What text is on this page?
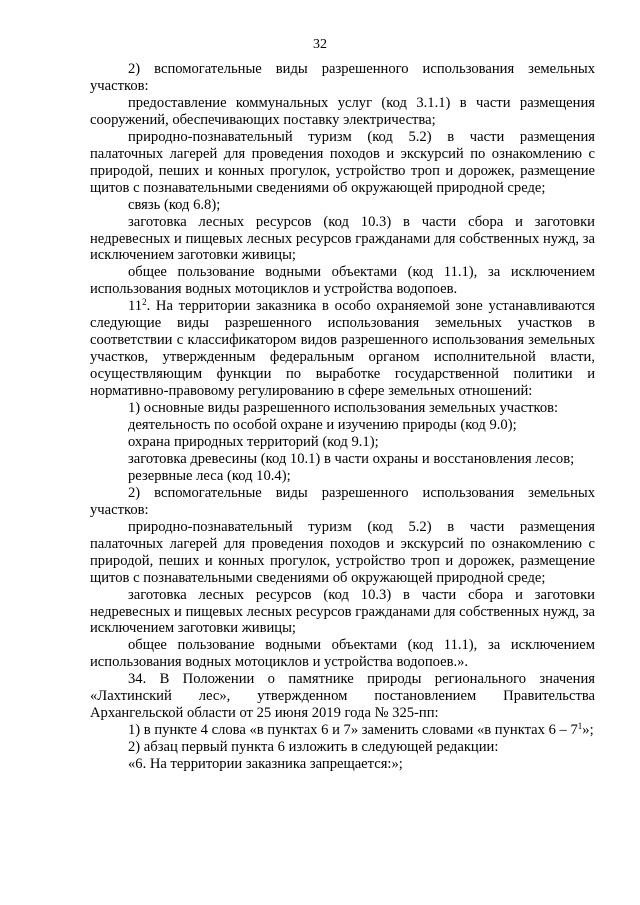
32

2) вспомогательные виды разрешенного использования земельных участков:

предоставление коммунальных услуг (код 3.1.1) в части размещения сооружений, обеспечивающих поставку электричества;

природно-познавательный туризм (код 5.2) в части размещения палаточных лагерей для проведения походов и экскурсий по ознакомлению с природой, пеших и конных прогулок, устройство троп и дорожек, размещение щитов с познавательными сведениями об окружающей природной среде;

связь (код 6.8);

заготовка лесных ресурсов (код 10.3) в части сбора и заготовки недревесных и пищевых лесных ресурсов гражданами для собственных нужд, за исключением заготовки живицы;

общее пользование водными объектами (код 11.1), за исключением использования водных мотоциклов и устройства водопоев.

$11^2$. На территории заказника в особо охраняемой зоне устанавливаются следующие виды разрешенного использования земельных участков в соответствии с классификатором видов разрешенного использования земельных участков, утвержденным федеральным органом исполнительной власти, осуществляющим функции по выработке государственной политики и нормативно-правовому регулированию в сфере земельных отношений:

1) основные виды разрешенного использования земельных участков:

деятельность по особой охране и изучению природы (код 9.0);

охрана природных территорий (код 9.1);

заготовка древесины (код 10.1) в части охраны и восстановления лесов;

резервные леса (код 10.4);

2) вспомогательные виды разрешенного использования земельных участков:

природно-познавательный туризм (код 5.2) в части размещения палаточных лагерей для проведения походов и экскурсий по ознакомлению с природой, пеших и конных прогулок, устройство троп и дорожек, размещение щитов с познавательными сведениями об окружающей природной среде;

заготовка лесных ресурсов (код 10.3) в части сбора и заготовки недревесных и пищевых лесных ресурсов гражданами для собственных нужд, за исключением заготовки живицы;

общее пользование водными объектами (код 11.1), за исключением использования водных мотоциклов и устройства водопоев.».

34. В Положении о памятнике природы регионального значения «Лахтинский лес», утвержденном постановлением Правительства Архангельской области от 25 июня 2019 года № 325-пп:

1) в пункте 4 слова «в пунктах 6 и 7» заменить словами «в пунктах $6 - 7^1$»;

2) абзац первый пункта 6 изложить в следующей редакции:

«6. На территории заказника запрещается:»;
